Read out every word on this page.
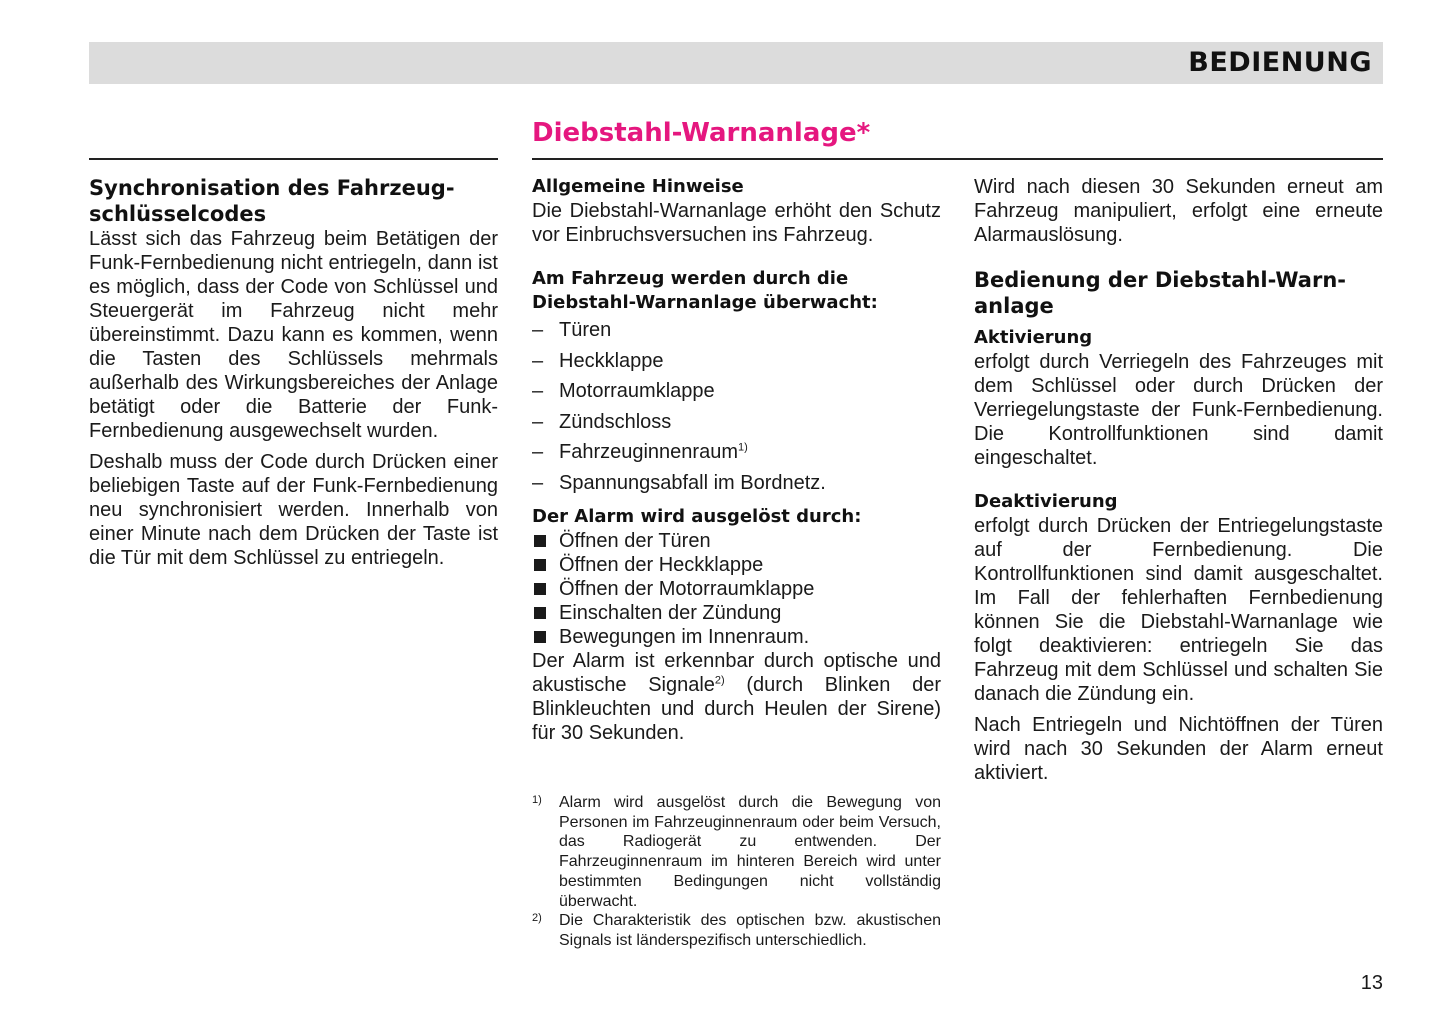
BEDIENUNG
Diebstahl-Warnanlage*
Synchronisation des Fahrzeugschlüsselcodes

Lässt sich das Fahrzeug beim Betätigen der Funk-Fernbedienung nicht entriegeln, dann ist es möglich, dass der Code von Schlüssel und Steuergerät im Fahrzeug nicht mehr übereinstimmt. Dazu kann es kommen, wenn die Tasten des Schlüssels mehrmals außerhalb des Wirkungsbereiches der Anlage betätigt oder die Batterie der Funk-Fernbedienung ausgewechselt wurden.

Deshalb muss der Code durch Drücken einer beliebigen Taste auf der Funk-Fernbedienung neu synchronisiert werden. Innerhalb von einer Minute nach dem Drücken der Taste ist die Tür mit dem Schlüssel zu entriegeln.

Allgemeine Hinweise

Die Diebstahl-Warnanlage erhöht den Schutz vor Einbruchsversuchen ins Fahrzeug.

Am Fahrzeug werden durch die Diebstahl-Warnanlage überwacht:
– Türen
– Heckklappe
– Motorraumklappe
– Zündschloss
– Fahrzeuginnenraum$^{1)}$
– Spannungsabfall im Bordnetz.
Der Alarm wird ausgelöst durch:
Öffnen der Türen
Öffnen der Heckklappe
Öffnen der Motorraumklappe
Einschalten der Zündung
Bewegungen im Innenraum.

Der Alarm ist erkennbar durch optische und akustische Signale$^{2)}$ (durch Blinken der Blinkleuchten und durch Heulen der Sirene) für 30 Sekunden.

1) Alarm wird ausgelöst durch die Bewegung von Personen im Fahrzeuginnenraum oder beim Versuch, das Radiogerät zu entwenden. Der Fahrzeuginnenraum im hinteren Bereich wird unter bestimmten Bedingungen nicht vollständig überwacht.

2) Die Charakteristik des optischen bzw. akustischen Signals ist länderspezifisch unterschiedlich.

Wird nach diesen 30 Sekunden erneut am Fahrzeug manipuliert, erfolgt eine erneute Alarmauslösung.

Bedienung der Diebstahl-Warnanlage
Aktivierung

erfolgt durch Verriegeln des Fahrzeuges mit dem Schlüssel oder durch Drücken der Verriegelungstaste der Funk-Fernbedienung. Die Kontrollfunktionen sind damit eingeschaltet.

Deaktivierung

erfolgt durch Drücken der Entriegelungstaste auf der Fernbedienung. Die Kontrollfunktionen sind damit ausgeschaltet. Im Fall der fehlerhaften Fernbedienung können Sie die Diebstahl-Warnanlage wie folgt deaktivieren: entriegeln Sie das Fahrzeug mit dem Schlüssel und schalten Sie danach die Zündung ein.

Nach Entriegeln und Nichtöffnen der Türen wird nach 30 Sekunden der Alarm erneut aktiviert.

13
